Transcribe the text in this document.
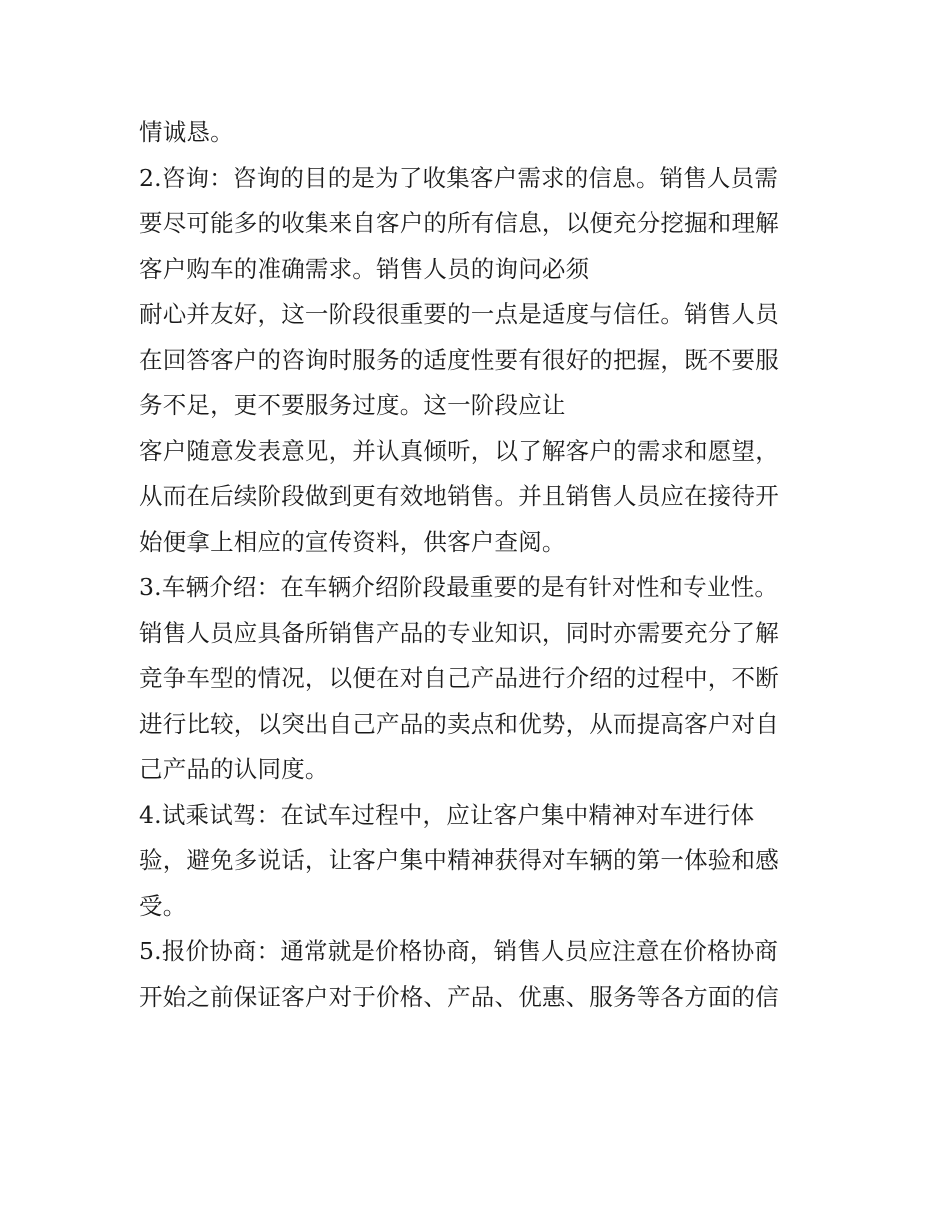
情诚恳。
2.咨询：咨询的目的是为了收集客户需求的信息。销售人员需
要尽可能多的收集来自客户的所有信息，以便充分挖掘和理解
客户购车的准确需求。销售人员的询问必须
耐心并友好，这一阶段很重要的一点是适度与信任。销售人员
在回答客户的咨询时服务的适度性要有很好的把握，既不要服
务不足，更不要服务过度。这一阶段应让
客户随意发表意见，并认真倾听，以了解客户的需求和愿望，
从而在后续阶段做到更有效地销售。并且销售人员应在接待开
始便拿上相应的宣传资料，供客户查阅。
3.车辆介绍：在车辆介绍阶段最重要的是有针对性和专业性。
销售人员应具备所销售产品的专业知识，同时亦需要充分了解
竞争车型的情况，以便在对自己产品进行介绍的过程中，不断
进行比较，以突出自己产品的卖点和优势，从而提高客户对自
己产品的认同度。
4.试乘试驾：在试车过程中，应让客户集中精神对车进行体
验，避免多说话，让客户集中精神获得对车辆的第一体验和感
受。
5.报价协商：通常就是价格协商，销售人员应注意在价格协商
开始之前保证客户对于价格、产品、优惠、服务等各方面的信
